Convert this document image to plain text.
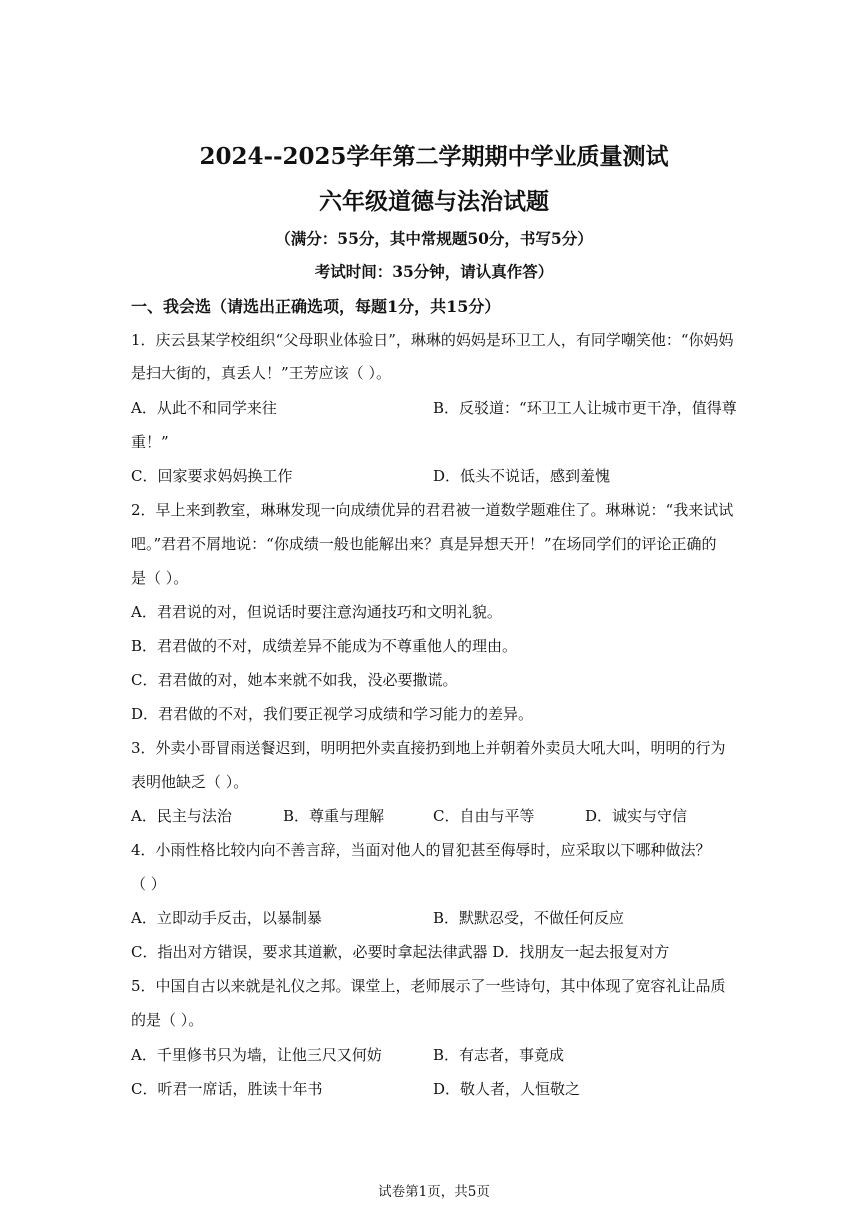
2024--2025学年第二学期期中学业质量测试
六年级道德与法治试题
（满分：55分，其中常规题50分，书写5分）
考试时间：35分钟，请认真作答）
一、我会选（请选出正确选项，每题1分，共15分）
1．庆云县某学校组织“父母职业体验日”，琳琳的妈妈是环卫工人，有同学嘲笑他：“你妈妈
是扫大街的，真丢人！”王芳应该（ ）。
A．从此不和同学来往	B．反驳道：“环卫工人让城市更干净，值得尊
重！”
C．回家要求妈妈换工作	D．低头不说话，感到羞愧
2．早上来到教室，琳琳发现一向成绩优异的君君被一道数学题难住了。琳琳说：“我来试试
吧。”君君不屑地说：“你成绩一般也能解出来？真是异想天开！”在场同学们的评论正确的
是（ ）。
A．君君说的对，但说话时要注意沟通技巧和文明礼貌。
B．君君做的不对，成绩差异不能成为不尊重他人的理由。
C．君君做的对，她本来就不如我，没必要撒谎。
D．君君做的不对，我们要正视学习成绩和学习能力的差异。
3．外卖小哥冒雨送餐迟到，明明把外卖直接扔到地上并朝着外卖员大吼大叫，明明的行为
表明他缺乏（ ）。
A．民主与法治	B．尊重与理解	C．自由与平等	D．诚实与守信
4．小雨性格比较内向不善言辞，当面对他人的冒犯甚至侮辱时，应采取以下哪种做法？
（ ）
A．立即动手反击，以暴制暴	B．默默忍受，不做任何反应
C．指出对方错误，要求其道歉，必要时拿起法律武器 D．找朋友一起去报复对方
5．中国自古以来就是礼仪之邦。课堂上，老师展示了一些诗句，其中体现了宽容礼让品质
的是（ ）。
A．千里修书只为墙，让他三尺又何妨	B．有志者，事竟成
C．听君一席话，胜读十年书	D．敬人者，人恒敬之
试卷第1页，共5页
